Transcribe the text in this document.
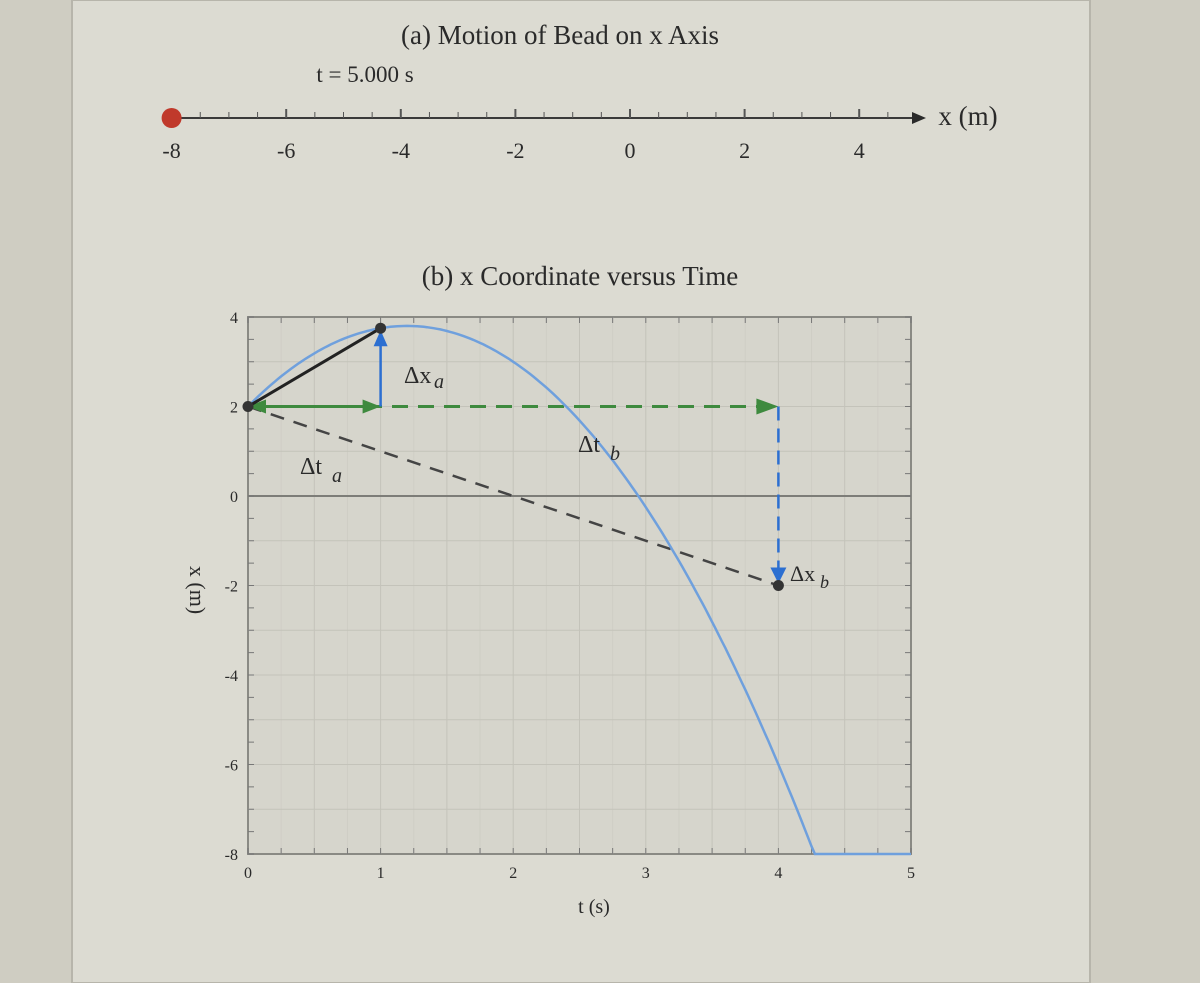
(a) Motion of Bead on x Axis
t = 5.000 s
x (m)
-8	-6	-4	-2	0	2	4
(b) x Coordinate versus Time
4
2
0
-2
-4
-6
-8
0	1	2	3	4	5
t (s)
x (m)
Δx a
Δt a
Δt b
Δx b
